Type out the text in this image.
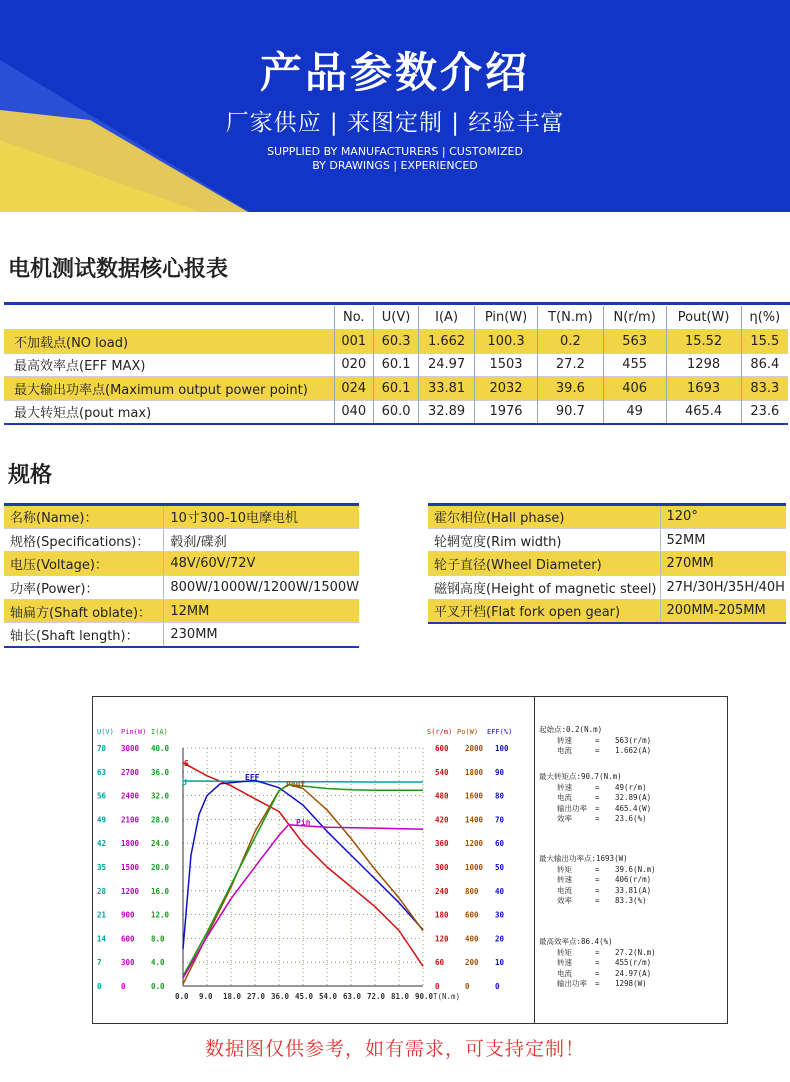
产品参数介绍
厂家供应 | 来图定制 | 经验丰富
SUPPLIED BY MANUFACTURERS | CUSTOMIZED
BY DRAWINGS | EXPERIENCED
电机测试数据核心报表
	No.	U(V)	I(A)	Pin(W)	T(N.m)	N(r/m)	Pout(W)	η(%)
不加载点(NO load)	001	60.3	1.662	100.3	0.2	563	15.52	15.5
最高效率点(EFF MAX)	020	60.1	24.97	1503	27.2	455	1298	86.4
最大输出功率点(Maximum output power point)	024	60.1	33.81	2032	39.6	406	1693	83.3
最大转矩点(pout max)	040	60.0	32.89	1976	90.7	49	465.4	23.6
规格
名称(Name)：	10寸300-10电摩电机
规格(Specifications)：	毂刹/碟刹
电压(Voltage)：	48V/60V/72V
功率(Power)：	800W/1000W/1200W/1500W
轴扁方(Shaft oblate)：	12MM
轴长(Shaft length)：	230MM
霍尔相位(Hall phase)	120°
轮辋宽度(Rim width)	52MM
轮子直径(Wheel Diameter)	270MM
磁钢高度(Height of magnetic steel)	27H/30H/35H/40H
平叉开档(Flat fork open gear)	200MM-205MM
U(V)
0
7
14
21
28
35
42
49
56
63
70
Pin(W)
0
300
600
900
1200
1500
1800
2100
2400
2700
3000
I(A)
0.0
4.0
8.0
12.0
16.0
20.0
24.0
28.0
32.0
36.0
40.0
S(r/m)
0
60
120
180
240
300
360
420
480
540
600
Po(W)
0
200
400
600
800
1000
1200
1400
1600
1800
2000
EFF(%)
0
10
20
30
40
50
60
70
80
90
100
0.0 9.0 18.0 27.0 36.0 45.0 54.0 63.0 72.0 81.0 90.0 T(N.m)
S
U
EFF
Pout
Pin
起始点:0.2(N.m)
转速	=	563(r/m)
电流	=	1.662(A)
最大转矩点:90.7(N.m)
转速	=	49(r/m)
电流	=	32.89(A)
输出功率	=	465.4(W)
效率	=	23.6(%)
最大输出功率点:1693(W)
转矩	=	39.6(N.m)
转速	=	406(r/m)
电流	=	33.81(A)
效率	=	83.3(%)
最高效率点:86.4(%)
转矩	=	27.2(N.m)
转速	=	455(r/m)
电流	=	24.97(A)
输出功率	=	1298(W)
数据图仅供参考，如有需求，可支持定制！
